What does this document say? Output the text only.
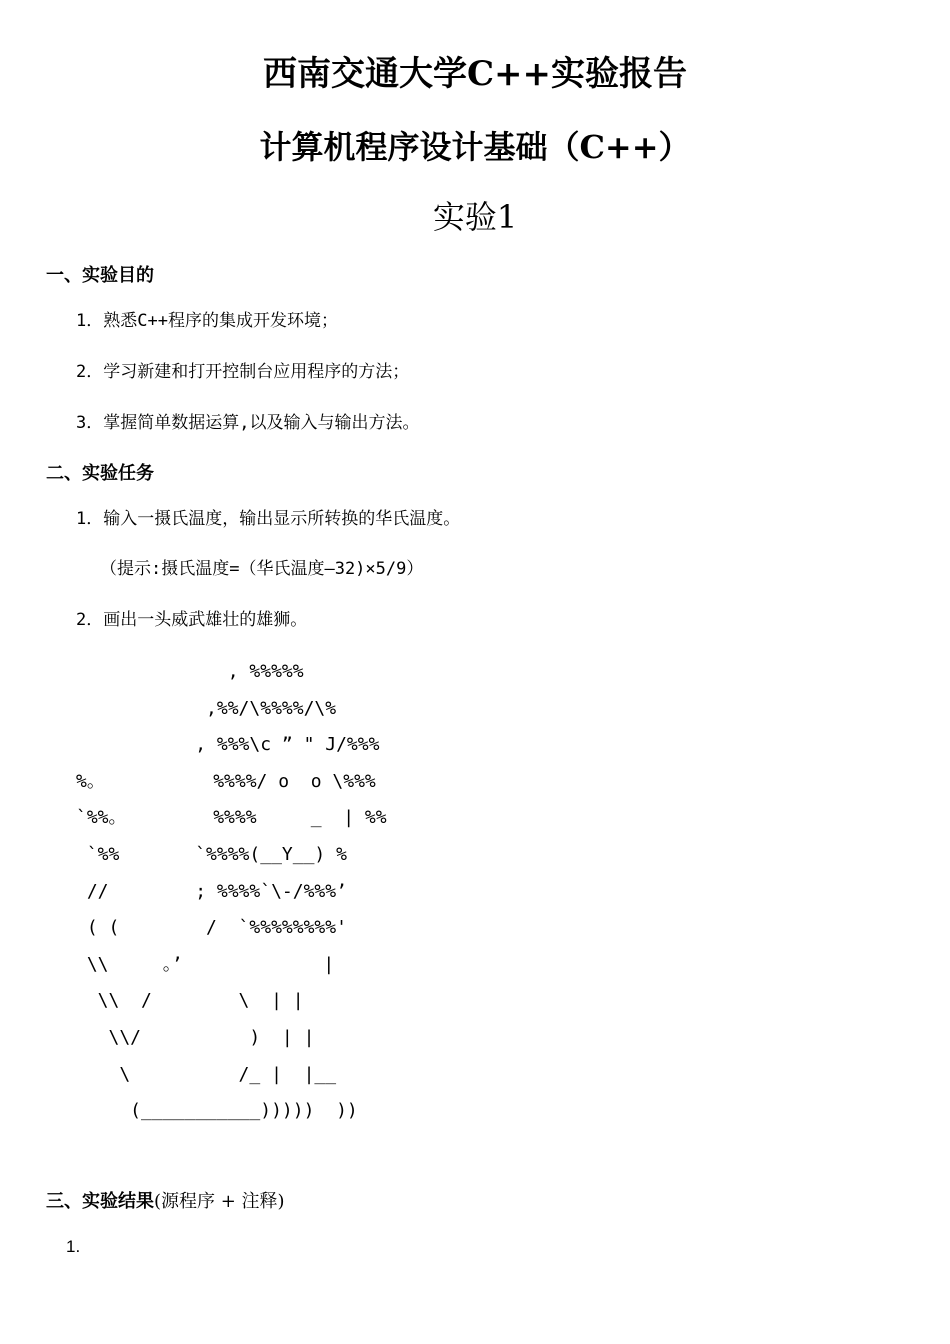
西南交通大学C++实验报告
计算机程序设计基础（C++）
实验1
一、实验目的
1．熟悉C++程序的集成开发环境；
2．学习新建和打开控制台应用程序的方法；
3．掌握简单数据运算,以及输入与输出方法。
二、实验任务
1．输入一摄氏温度，输出显示所转换的华氏温度。
（提示:摄氏温度=（华氏温度—32)×5/9）
2．画出一头威武雄壮的雄狮。
, %%%%%
,%%/\%%%%/\%
, %%%\c ” " J/%%%
%。          %%%%/ o  o \%%%
`%%。        %%%%     _  | %%
`%%       `%%%%(__Y__) %
//        ; %%%%`\-/%%%’
( (        /  `%%%%%%%%'
\\     。’             |
\\  /        \  | |
\\/          )  | |
\          /_ |  |__
(___________)))))  ))
三、实验结果(源程序 + 注释)
1.
